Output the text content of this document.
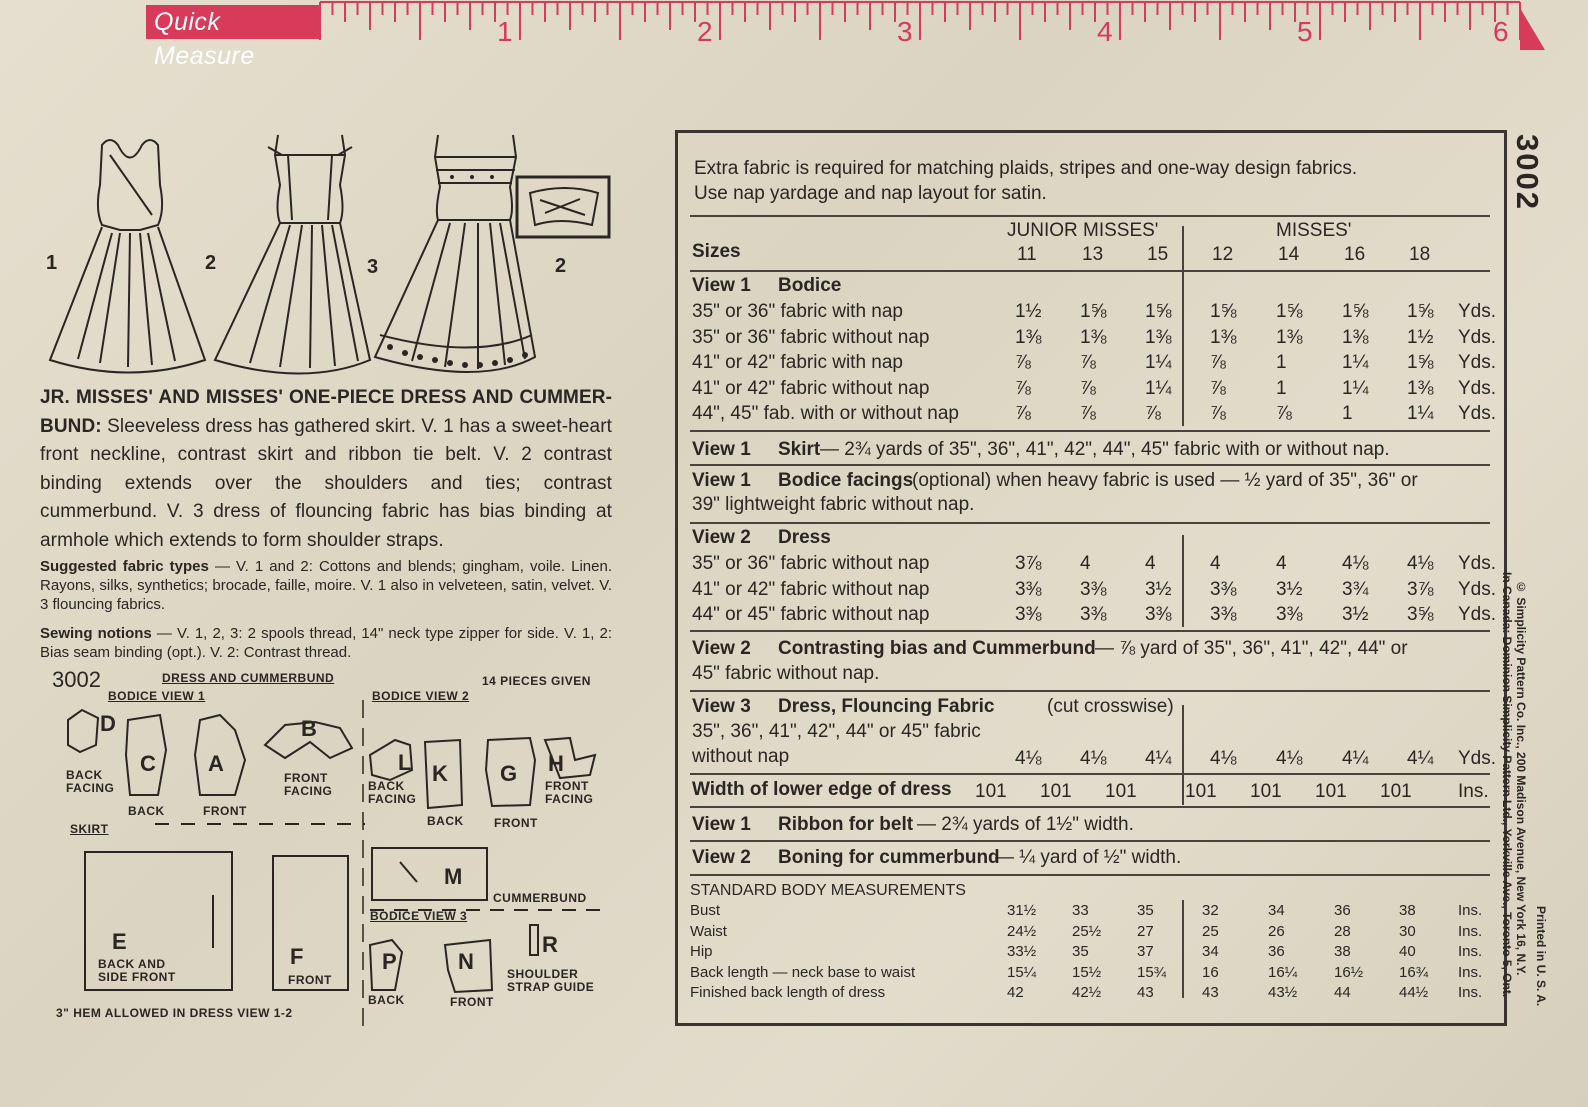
Quick Measure
1	2	3	4	5	6
1	2	3	2
JR. MISSES' AND MISSES' ONE-PIECE DRESS AND CUMMER-BUND: Sleeveless dress has gathered skirt. V. 1 has a sweet-heart front neckline, contrast skirt and ribbon tie belt. V. 2 contrast binding extends over the shoulders and ties; contrast cummerbund. V. 3 dress of flouncing fabric has bias binding at armhole which extends to form shoulder straps.
Suggested fabric types — V. 1 and 2: Cottons and blends; gingham, voile. Linen. Rayons, silks, synthetics; brocade, faille, moire. V. 1 also in velveteen, satin, velvet. V. 3 flouncing fabrics.
Sewing notions — V. 1, 2, 3: 2 spools thread, 14" neck type zipper for side. V. 1, 2: Bias seam binding (opt.). V. 2: Contrast thread.
3002	DRESS AND CUMMERBUND	14 PIECES GIVEN
BODICE VIEW 1	BODICE VIEW 2
D
C A
B
L K G H
BACK FACING
BACK	FRONT
FRONT FACING	BACK FACING
BACK	FRONT
FRONT FACING
SKIRT
E
BACK AND SIDE FRONT
F
FRONT
M
CUMMERBUND
BODICE VIEW 3
P
BACK
N
FRONT
R
SHOULDER STRAP GUIDE
3" HEM ALLOWED IN DRESS VIEW 1-2
3002
Extra fabric is required for matching plaids, stripes and one-way design fabrics.
Use nap yardage and nap layout for satin.
JUNIOR MISSES'	MISSES'
Sizes	11 13 15 12 14 16 18
View 1 Bodice
35" or 36" fabric with nap	1½ 1⅝ 1⅝ 1⅝ 1⅝ 1⅝ 1⅝ Yds.
35" or 36" fabric without nap	1⅜ 1⅜ 1⅜ 1⅜ 1⅜ 1⅜ 1½ Yds.
41" or 42" fabric with nap	⅞	⅞	1¼ ⅞	1	1¼ 1⅝ Yds.
41" or 42" fabric without nap	⅞	⅞	1¼ ⅞	1	1¼ 1⅜ Yds.
44", 45" fab. with or without nap	⅞	⅞	⅞	⅞	⅞	1	1¼ Yds.
View 1 Skirt — 2¾ yards of 35", 36", 41", 42", 44", 45" fabric with or without nap.
View 1 Bodice facings
(optional) when heavy fabric is used — ½ yard of 35", 36" or
39" lightweight fabric without nap.
View 2 Dress
35" or 36" fabric without nap	3⅞ 4	4	4	4	4⅛ 4⅛ Yds.
41" or 42" fabric without nap	3⅜ 3⅜ 3½ 3⅜ 3½ 3¾ 3⅞ Yds.
44" or 45" fabric without nap	3⅜ 3⅜ 3⅜ 3⅜ 3⅜ 3½ 3⅝ Yds.
View 2 Contrasting bias and Cummerbund — ⅞ yard of 35", 36", 41", 42", 44" or
45" fabric without nap.
View 3 Dress, Flouncing Fabric	(cut crosswise)
35", 36", 41", 42", 44" or 45" fabric
without nap	4⅛ 4⅛ 4¼ 4⅛ 4⅛ 4¼ 4¼ Yds.
Width of lower edge of dress 101 101 101	101 101 101 101 Ins.
View 1 Ribbon for belt — 2¾ yards of 1½" width.
View 2 Boning for cummerbund
— ¼ yard of ½" width.
STANDARD BODY MEASUREMENTS
Bust	31½ 33	35	32	34	36	38	Ins.
Waist	24½ 25½ 27	25	26	28	30	Ins.
Hip	33½ 35	37	34	36	38	40	Ins.
Back length — neck base to waist	15¼ 15½ 15¾ 16	16¼ 16½ 16¾ Ins.
Finished back length of dress	42	42½ 43	43	43½ 44	44½ Ins.
© Simplicity Pattern Co. Inc., 200 Madison Avenue, New York 16, N.Y.
In Canada: Dominion Simplicity Pattern Ltd., Yorkville Ave., Toronto 5, Ont. Printed in U. S. A.
